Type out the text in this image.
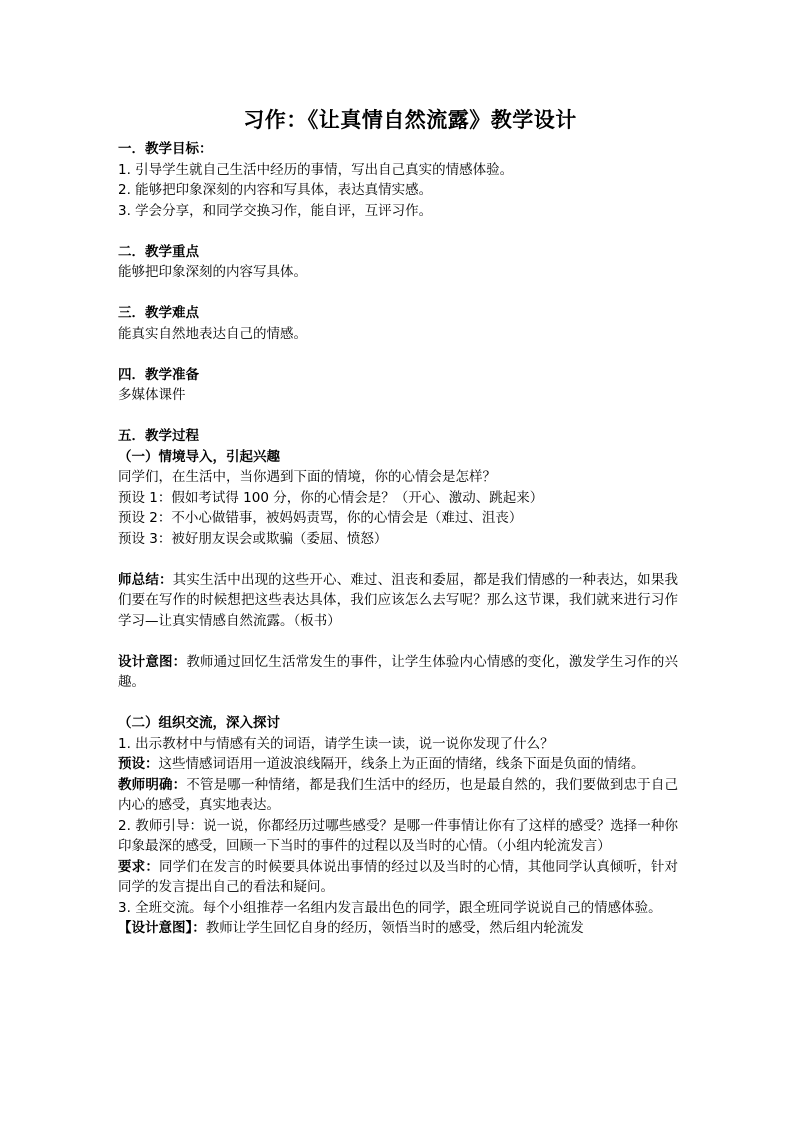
习作：《让真情自然流露》教学设计

一．教学目标：

1. 引导学生就自己生活中经历的事情，写出自己真实的情感体验。

2. 能够把印象深刻的内容和写具体，表达真情实感。

3. 学会分享，和同学交换习作，能自评，互评习作。

二．教学重点

能够把印象深刻的内容写具体。

三．教学难点

能真实自然地表达自己的情感。

四．教学准备

多媒体课件

五．教学过程

（一）情境导入，引起兴趣

同学们，在生活中，当你遇到下面的情境，你的心情会是怎样？

预设 1：假如考试得 100 分，你的心情会是？（开心、激动、跳起来）

预设 2：不小心做错事，被妈妈责骂，你的心情会是（难过、沮丧）

预设 3：被好朋友误会或欺骗（委屈、愤怒）

师总结：其实生活中出现的这些开心、难过、沮丧和委屈，都是我们情感的一种表达，如果我们要在写作的时候想把这些表达具体，我们应该怎么去写呢？那么这节课，我们就来进行习作学习—让真实情感自然流露。（板书）

设计意图：教师通过回忆生活常发生的事件，让学生体验内心情感的变化，激发学生习作的兴趣。

（二）组织交流，深入探讨

1. 出示教材中与情感有关的词语，请学生读一读，说一说你发现了什么？

预设：这些情感词语用一道波浪线隔开，线条上为正面的情绪，线条下面是负面的情绪。

教师明确：不管是哪一种情绪，都是我们生活中的经历，也是最自然的，我们要做到忠于自己内心的感受，真实地表达。

2. 教师引导：说一说，你都经历过哪些感受？是哪一件事情让你有了这样的感受？选择一种你印象最深的感受，回顾一下当时的事件的过程以及当时的心情。（小组内轮流发言）

要求：同学们在发言的时候要具体说出事情的经过以及当时的心情，其他同学认真倾听，针对同学的发言提出自己的看法和疑问。

3. 全班交流。每个小组推荐一名组内发言最出色的同学，跟全班同学说说自己的情感体验。

【设计意图】：教师让学生回忆自身的经历，领悟当时的感受，然后组内轮流发
